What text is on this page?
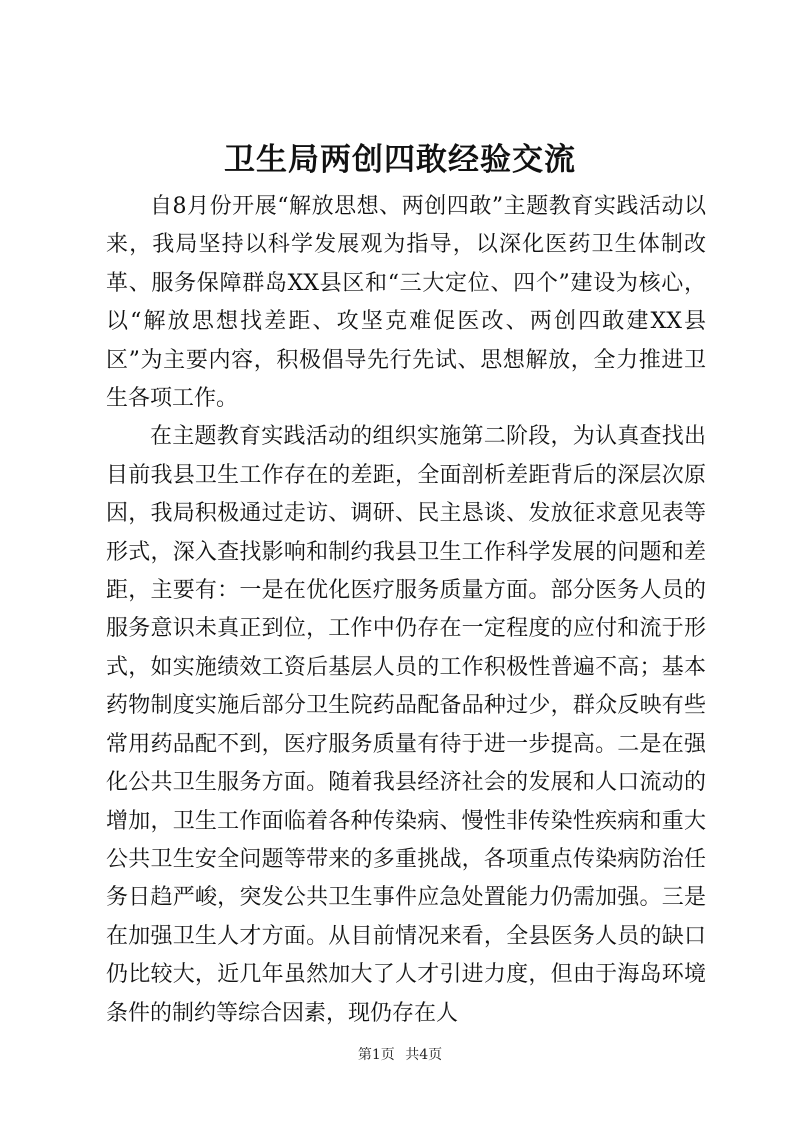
卫生局两创四敢经验交流

自8月份开展“解放思想、两创四敢”主题教育实践活动以来，我局坚持以科学发展观为指导，以深化医药卫生体制改革、服务保障群岛XX县区和“三大定位、四个”建设为核心，以“解放思想找差距、攻坚克难促医改、两创四敢建XX县区”为主要内容，积极倡导先行先试、思想解放，全力推进卫生各项工作。

在主题教育实践活动的组织实施第二阶段，为认真查找出目前我县卫生工作存在的差距，全面剖析差距背后的深层次原因，我局积极通过走访、调研、民主恳谈、发放征求意见表等形式，深入查找影响和制约我县卫生工作科学发展的问题和差距，主要有：一是在优化医疗服务质量方面。部分医务人员的服务意识未真正到位，工作中仍存在一定程度的应付和流于形式，如实施绩效工资后基层人员的工作积极性普遍不高；基本药物制度实施后部分卫生院药品配备品种过少，群众反映有些常用药品配不到，医疗服务质量有待于进一步提高。二是在强化公共卫生服务方面。随着我县经济社会的发展和人口流动的增加，卫生工作面临着各种传染病、慢性非传染性疾病和重大公共卫生安全问题等带来的多重挑战，各项重点传染病防治任务日趋严峻，突发公共卫生事件应急处置能力仍需加强。三是在加强卫生人才方面。从目前情况来看，全县医务人员的缺口仍比较大，近几年虽然加大了人才引进力度，但由于海岛环境条件的制约等综合因素，现仍存在人

第1页 共4页
